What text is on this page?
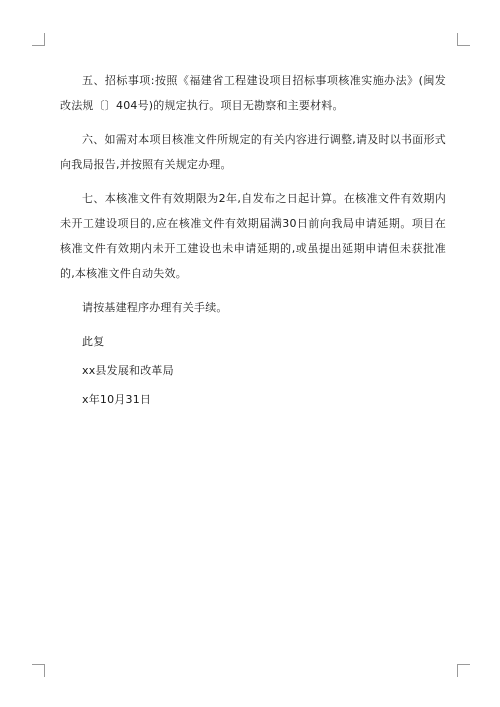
五、招标事项:按照《福建省工程建设项目招标事项核准实施办法》(闽发改法规〔〕404号)的规定执行。项目无勘察和主要材料。

六、如需对本项目核准文件所规定的有关内容进行调整,请及时以书面形式向我局报告,并按照有关规定办理。

七、本核准文件有效期限为2年,自发布之日起计算。在核准文件有效期内未开工建设项目的,应在核准文件有效期届满30日前向我局申请延期。项目在核准文件有效期内未开工建设也未申请延期的,或虽提出延期申请但未获批准的,本核准文件自动失效。

请按基建程序办理有关手续。

此复

xx县发展和改革局

x年10月31日
